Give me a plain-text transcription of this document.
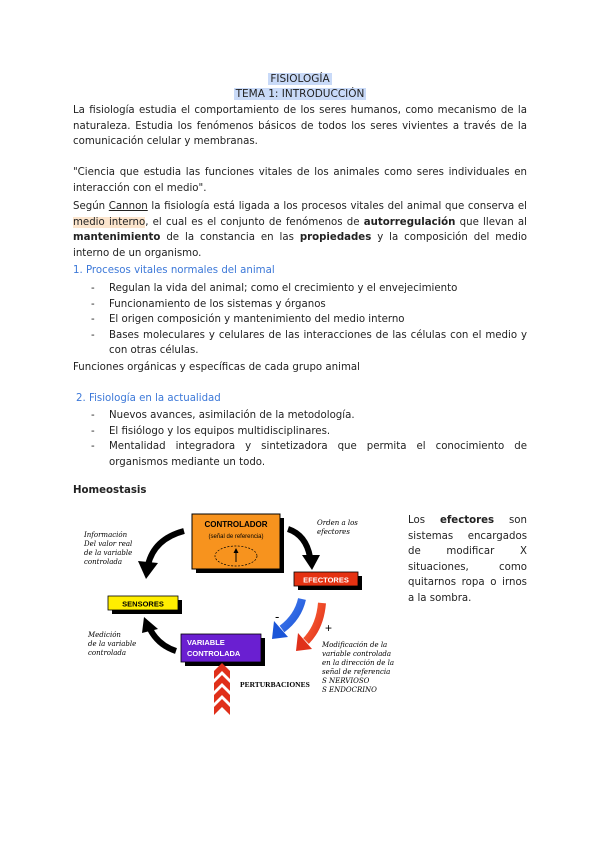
FISIOLOGÍA
TEMA 1: INTRODUCCIÓN
La fisiología estudia el comportamiento de los seres humanos, como mecanismo de la naturaleza. Estudia los fenómenos básicos de todos los seres vivientes a través de la comunicación celular y membranas.
"Ciencia que estudia las funciones vitales de los animales como seres individuales en interacción con el medio".
Según Cannon la fisiología está ligada a los procesos vitales del animal que conserva el medio interno, el cual es el conjunto de fenómenos de autorregulación que llevan al mantenimiento de la constancia en las propiedades y la composición del medio interno de un organismo.
1. Procesos vitales normales del animal
- Regulan la vida del animal; como el crecimiento y el envejecimiento
- Funcionamiento de los sistemas y órganos
- El origen composición y mantenimiento del medio interno
- Bases moleculares y celulares de las interacciones de las células con el medio y con otras células.
Funciones orgánicas y específicas de cada grupo animal
2. Fisiología en la actualidad
- Nuevos avances, asimilación de la metodología.
- El fisiólogo y los equipos multidisciplinares.
- Mentalidad integradora y sintetizadora que permita el conocimiento de organismos mediante un todo.
Homeostasis
CONTROLADOR
(señal de referencia)
EFECTORES
SENSORES
VARIABLE
CONTROLADA
-
+
PERTURBACIONES
Información
Del valor real
de la variable
controlada
Orden a los
efectores
Medición
de la variable
controlada
Modificación de la
variable controlada
en la dirección de la
señal de referencia
S NERVIOSO
S ENDOCRINO
Los efectores son sistemas encargados de modificar X situaciones, como quitarnos ropa o irnos a la sombra.
